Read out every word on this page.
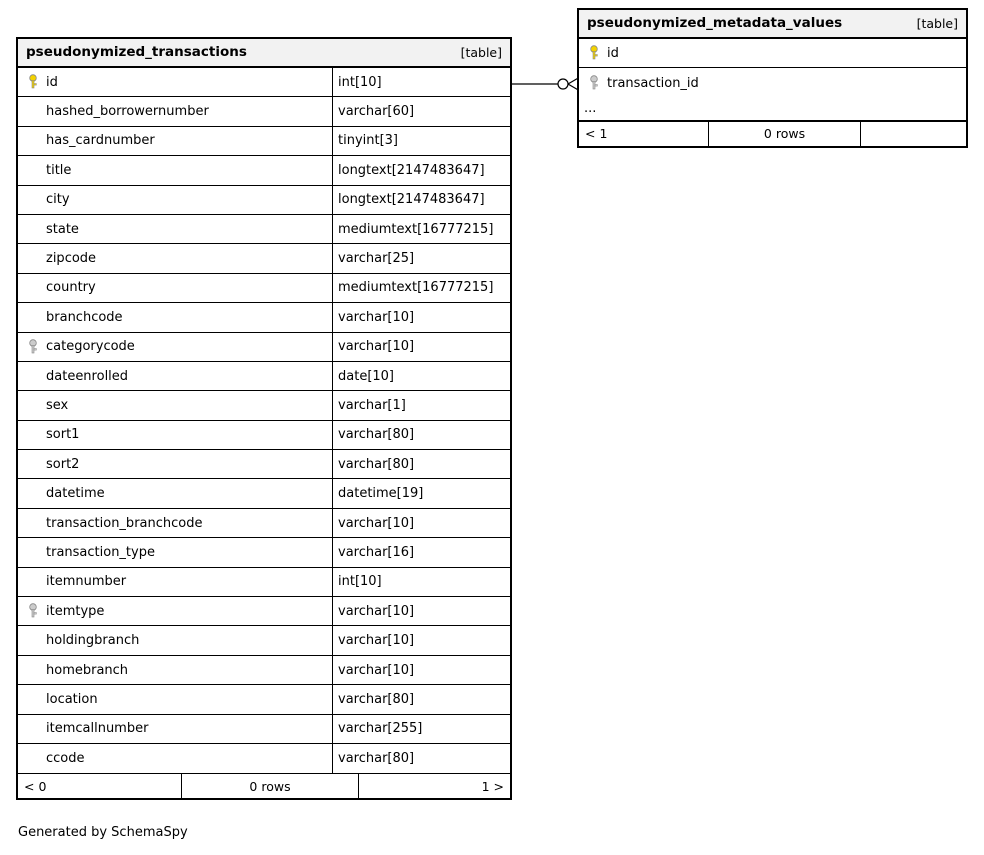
pseudonymized_transactions	[table]
id	int[10]
hashed_borrowernumber	varchar[60]
has_cardnumber	tinyint[3]
title	longtext[2147483647]
city	longtext[2147483647]
state	mediumtext[16777215]
zipcode	varchar[25]
country	mediumtext[16777215]
branchcode	varchar[10]
categorycode	varchar[10]
dateenrolled	date[10]
sex	varchar[1]
sort1	varchar[80]
sort2	varchar[80]
datetime	datetime[19]
transaction_branchcode	varchar[10]
transaction_type	varchar[16]
itemnumber	int[10]
itemtype	varchar[10]
holdingbranch	varchar[10]
homebranch	varchar[10]
location	varchar[80]
itemcallnumber	varchar[255]
ccode	varchar[80]
< 0	0 rows	1 >
pseudonymized_metadata_values	[table]
id
transaction_id
...
< 1	0 rows
Generated by SchemaSpy
